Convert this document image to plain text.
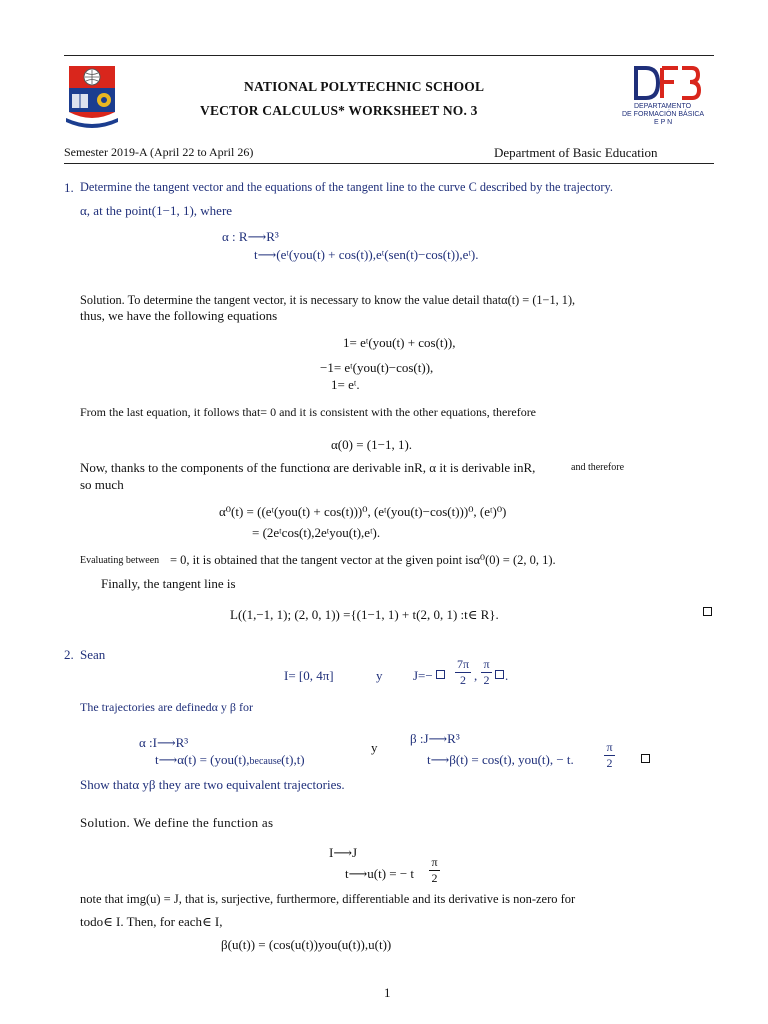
NATIONAL POLYTECHNIC SCHOOL
VECTOR CALCULUS* WORKSHEET NO. 3	DEPARTAMENTO
DE FORMACIÓN BÁSICA
E P N
Semester 2019-A (April 22 to April 26)	Department of Basic Education
1. Determine the tangent vector and the equations of the tangent line to the curve C described by the trajectory.
α, at the point(1−1, 1), where
α : R⟶R³
t⟶(eᵗ(you(t) + cos(t)),eᵗ(sen(t)−cos(t)),eᵗ).
Solution. To determine the tangent vector, it is necessary to know the value detail thatα(t) = (1−1, 1),
thus, we have the following equations
1= eᵗ(you(t) + cos(t)),
−1= eᵗ(you(t)−cos(t)),
1= eᵗ.
From the last equation, it follows that= 0 and it is consistent with the other equations, therefore
α(0) = (1−1, 1).
Now, thanks to the components of the functionα are derivable inR, α it is derivable inR,	and therefore
so much
α⁰(t) = ((eᵗ(you(t) + cos(t)))⁰, (eᵗ(you(t)−cos(t)))⁰, (eᵗ)⁰)
= (2eᵗcos(t),2eᵗyou(t),eᵗ).
Evaluating between = 0, it is obtained that the tangent vector at the given point isα⁰(0) = (2, 0, 1).
Finally, the tangent line is
L((1,−1, 1); (2, 0, 1)) ={(1−1, 1) + t(2, 0, 1) :t∈ R}.
2. Sean
I= [0, 4π]	y J=−
7π
2 ,
π
2 .
The trajectories are definedα y β for
α :I⟶R³
t⟶α(t) = (you(t),because(t),t)
y
β :J⟶R³
t⟶β(t) = cos(t), you(t), − t.
π
2
Show thatα yβ they are two equivalent trajectories.
Solution. We define the function as
I⟶J
t⟶u(t) = − t
π
2
note that img(u) = J, that is, surjective, furthermore, differentiable and its derivative is non-zero for
todo∈ I. Then, for each∈ I,
β(u(t)) = (cos(u(t))you(u(t)),u(t))
1
